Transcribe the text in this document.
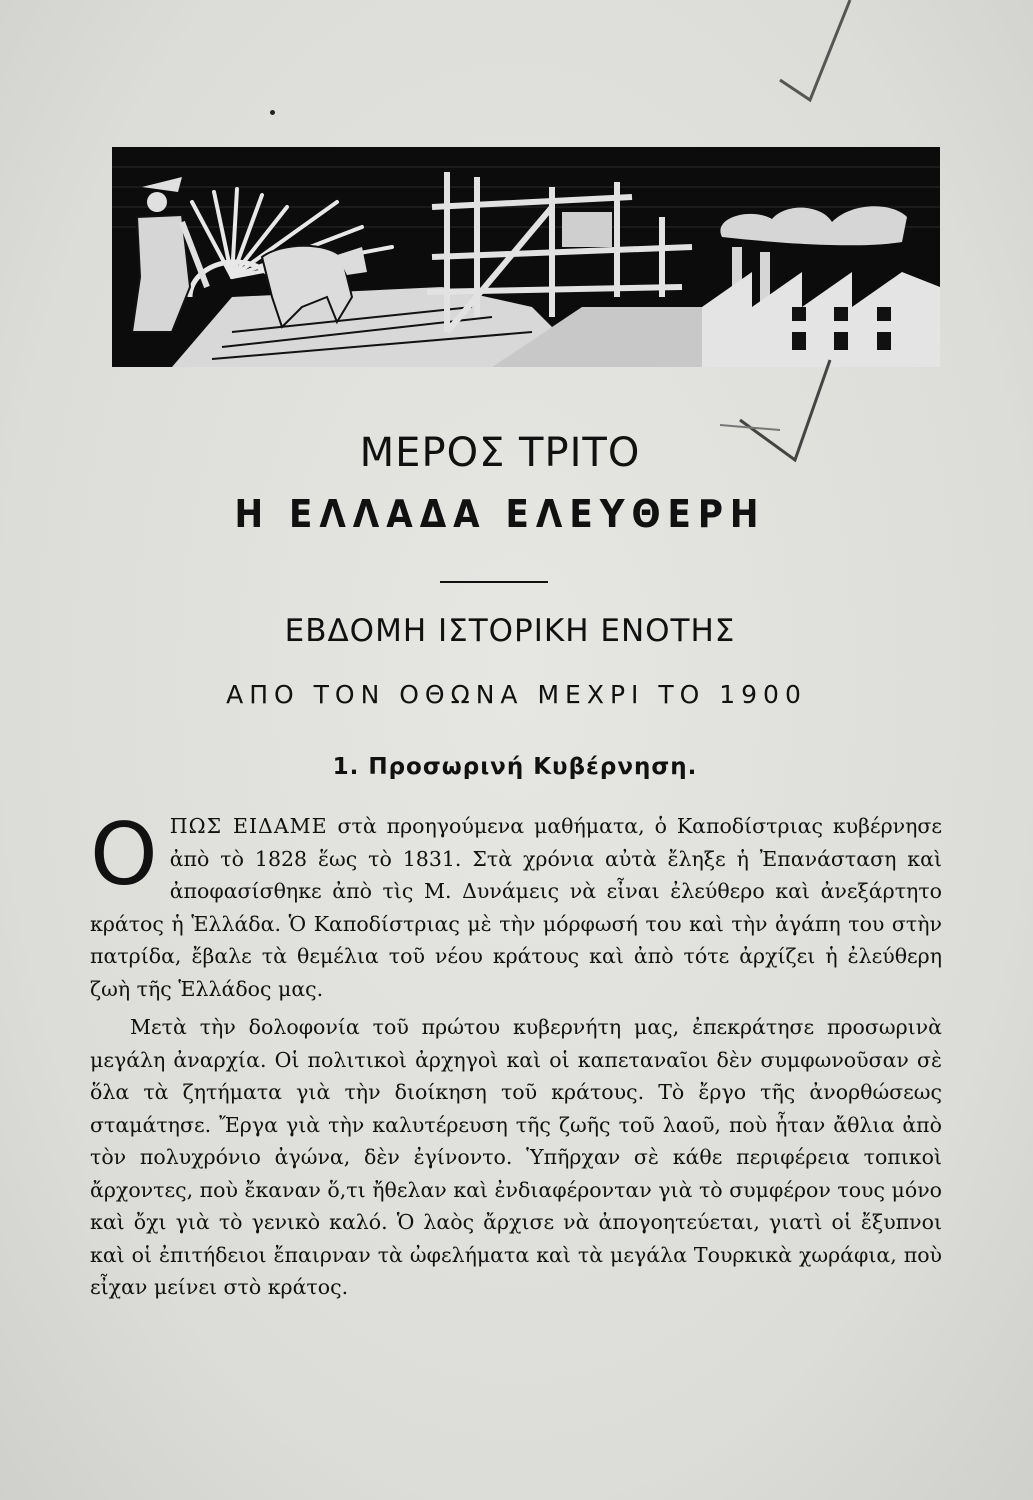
ΜΕΡΟΣ ΤΡΙΤΟ
Η ΕΛΛΑΔΑ ΕΛΕΥΘΕΡΗ
ΕΒΔΟΜΗ ΙΣΤΟΡΙΚΗ ΕΝΟΤΗΣ
ΑΠΟ ΤΟΝ ΟΘΩΝΑ ΜΕΧΡΙ ΤΟ 1900
1. Προσωρινή Κυβέρνηση.

ΟΠΩΣ ΕΙΔΑΜΕ στὰ προηγούμενα μαθήματα, ὁ Καποδίστριας κυβέρνησε ἀπὸ τὸ 1828 ἕως τὸ 1831. Στὰ χρόνια αὐτὰ ἔληξε ἡ Ἐπανάσταση καὶ ἀποφασίσθηκε ἀπὸ τὶς Μ. Δυνάμεις νὰ εἶναι ἐλεύθερο καὶ ἀνεξάρτητο κράτος ἡ Ἑλλάδα. Ὁ Καποδίστριας μὲ τὴν μόρφωσή του καὶ τὴν ἀγάπη του στὴν πατρίδα, ἔβαλε τὰ θεμέλια τοῦ νέου κράτους καὶ ἀπὸ τότε ἀρχίζει ἡ ἐλεύθερη ζωὴ τῆς Ἑλλάδος μας.

Μετὰ τὴν δολοφονία τοῦ πρώτου κυβερνήτη μας, ἐπεκράτησε προσωρινὰ μεγάλη ἀναρχία. Οἱ πολιτικοὶ ἀρχηγοὶ καὶ οἱ καπεταναῖοι δὲν συμφωνοῦσαν σὲ ὅλα τὰ ζητήματα γιὰ τὴν διοίκηση τοῦ κράτους. Τὸ ἔργο τῆς ἀνορθώσεως σταμάτησε. Ἔργα γιὰ τὴν καλυτέρευση τῆς ζωῆς τοῦ λαοῦ, ποὺ ἦταν ἄθλια ἀπὸ τὸν πολυχρόνιο ἀγώνα, δὲν ἐγίνοντο. Ὑπῆρχαν σὲ κάθε περιφέρεια τοπικοὶ ἄρχοντες, ποὺ ἔκαναν ὅ,τι ἤθελαν καὶ ἐνδιαφέρονταν γιὰ τὸ συμφέρον τους μόνο καὶ ὄχι γιὰ τὸ γενικὸ καλό. Ὁ λαὸς ἄρχισε νὰ ἀπογοητεύεται, γιατὶ οἱ ἔξυπνοι καὶ οἱ ἐπιτήδειοι ἔπαιρναν τὰ ὠφελήματα καὶ τὰ μεγάλα Τουρκικὰ χωράφια, ποὺ εἶχαν μείνει στὸ κράτος.
